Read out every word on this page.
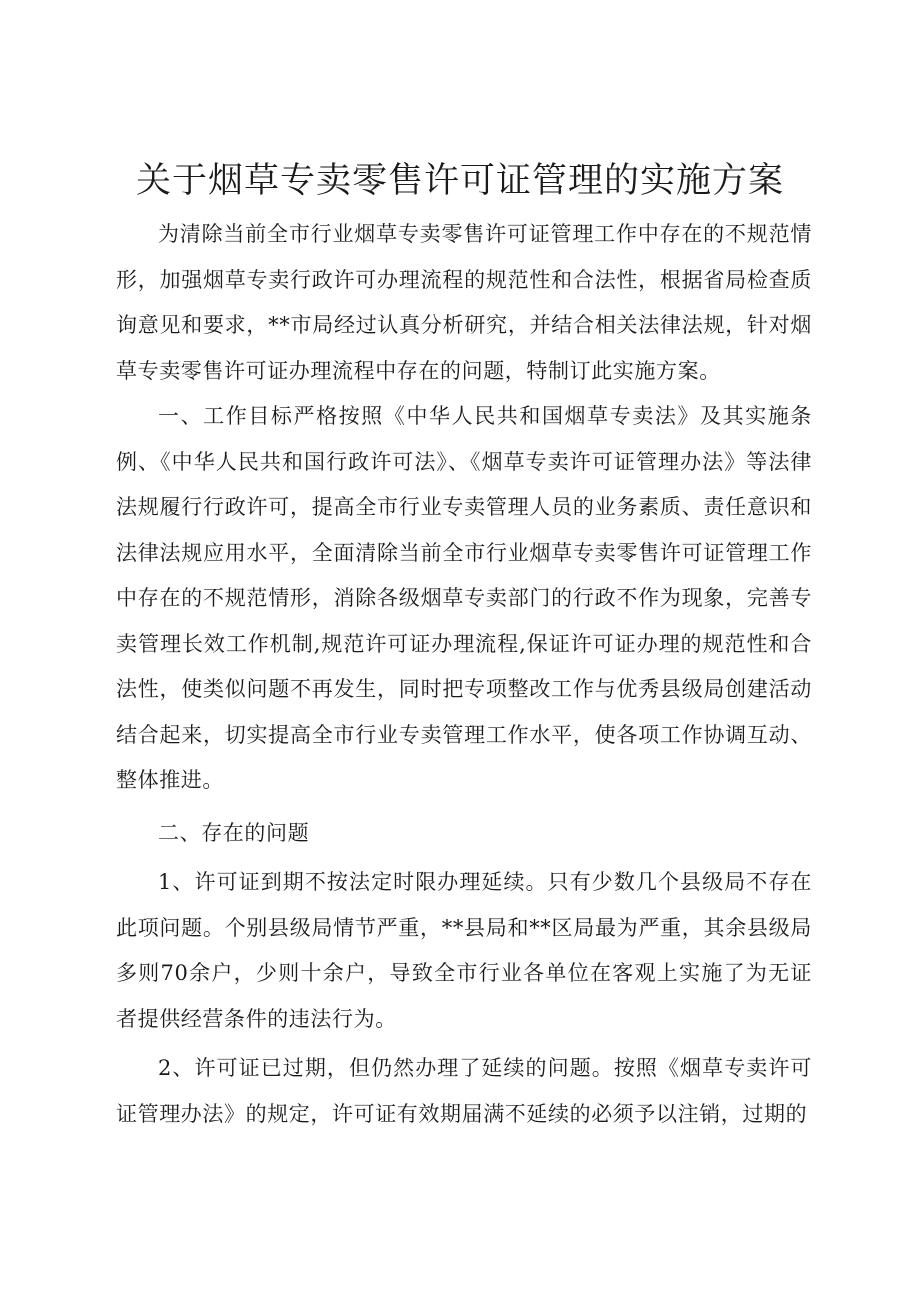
关于烟草专卖零售许可证管理的实施方案

为清除当前全市行业烟草专卖零售许可证管理工作中存在的不规范情形，加强烟草专卖行政许可办理流程的规范性和合法性，根据省局检查质询意见和要求，**市局经过认真分析研究，并结合相关法律法规，针对烟草专卖零售许可证办理流程中存在的问题，特制订此实施方案。

一、工作目标严格按照《中华人民共和国烟草专卖法》及其实施条例、《中华人民共和国行政许可法》、《烟草专卖许可证管理办法》等法律法规履行行政许可，提高全市行业专卖管理人员的业务素质、责任意识和法律法规应用水平，全面清除当前全市行业烟草专卖零售许可证管理工作中存在的不规范情形，消除各级烟草专卖部门的行政不作为现象，完善专卖管理长效工作机制,规范许可证办理流程,保证许可证办理的规范性和合法性，使类似问题不再发生，同时把专项整改工作与优秀县级局创建活动结合起来，切实提高全市行业专卖管理工作水平，使各项工作协调互动、整体推进。

二、存在的问题

1、许可证到期不按法定时限办理延续。只有少数几个县级局不存在此项问题。个别县级局情节严重，**县局和**区局最为严重，其余县级局多则70余户，少则十余户，导致全市行业各单位在客观上实施了为无证者提供经营条件的违法行为。

2、许可证已过期，但仍然办理了延续的问题。按照《烟草专卖许可证管理办法》的规定，许可证有效期届满不延续的必须予以注销，过期的
